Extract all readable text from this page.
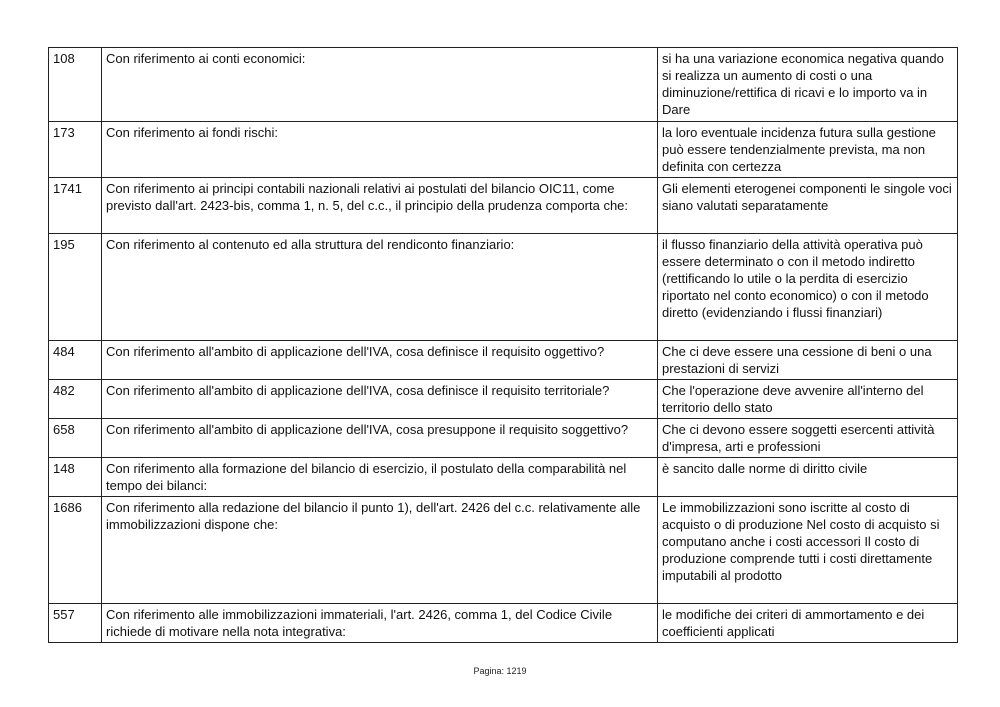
108	Con riferimento ai conti economici:	si ha una variazione economica negativa quando si realizza un aumento di costi o una diminuzione/rettifica di ricavi e lo importo va in Dare
173	Con riferimento ai fondi rischi:	la loro eventuale incidenza futura sulla gestione può essere tendenzialmente prevista, ma non definita con certezza
1741	Con riferimento ai principi contabili nazionali relativi ai postulati del bilancio OIC11, come previsto dall'art. 2423-bis, comma 1, n. 5, del c.c., il principio della prudenza comporta che:	Gli elementi eterogenei componenti le singole voci siano valutati separatamente
195	Con riferimento al contenuto ed alla struttura del rendiconto finanziario:	il flusso finanziario della attività operativa può essere determinato o con il metodo indiretto (rettificando lo utile o la perdita di esercizio riportato nel conto economico) o con il metodo diretto (evidenziando i flussi finanziari)
484	Con riferimento all'ambito di applicazione dell'IVA, cosa definisce il requisito oggettivo?	Che ci deve essere una cessione di beni o una prestazioni di servizi
482	Con riferimento all'ambito di applicazione dell'IVA, cosa definisce il requisito territoriale?	Che l'operazione deve avvenire all'interno del territorio dello stato
658	Con riferimento all'ambito di applicazione dell'IVA, cosa presuppone il requisito soggettivo?	Che ci devono essere soggetti esercenti attività d'impresa, arti e professioni
148	Con riferimento alla formazione del bilancio di esercizio, il postulato della comparabilità nel tempo dei bilanci:	è sancito dalle norme di diritto civile
1686	Con riferimento alla redazione del bilancio il punto 1), dell'art. 2426 del c.c. relativamente alle immobilizzazioni dispone che:	Le immobilizzazioni sono iscritte al costo di acquisto o di produzione Nel costo di acquisto si computano anche i costi accessori Il costo di produzione comprende tutti i costi direttamente imputabili al prodotto
557	Con riferimento alle immobilizzazioni immateriali, l'art. 2426, comma 1, del Codice Civile richiede di motivare nella nota integrativa:	le modifiche dei criteri di ammortamento e dei coefficienti applicati
Pagina: 1219
